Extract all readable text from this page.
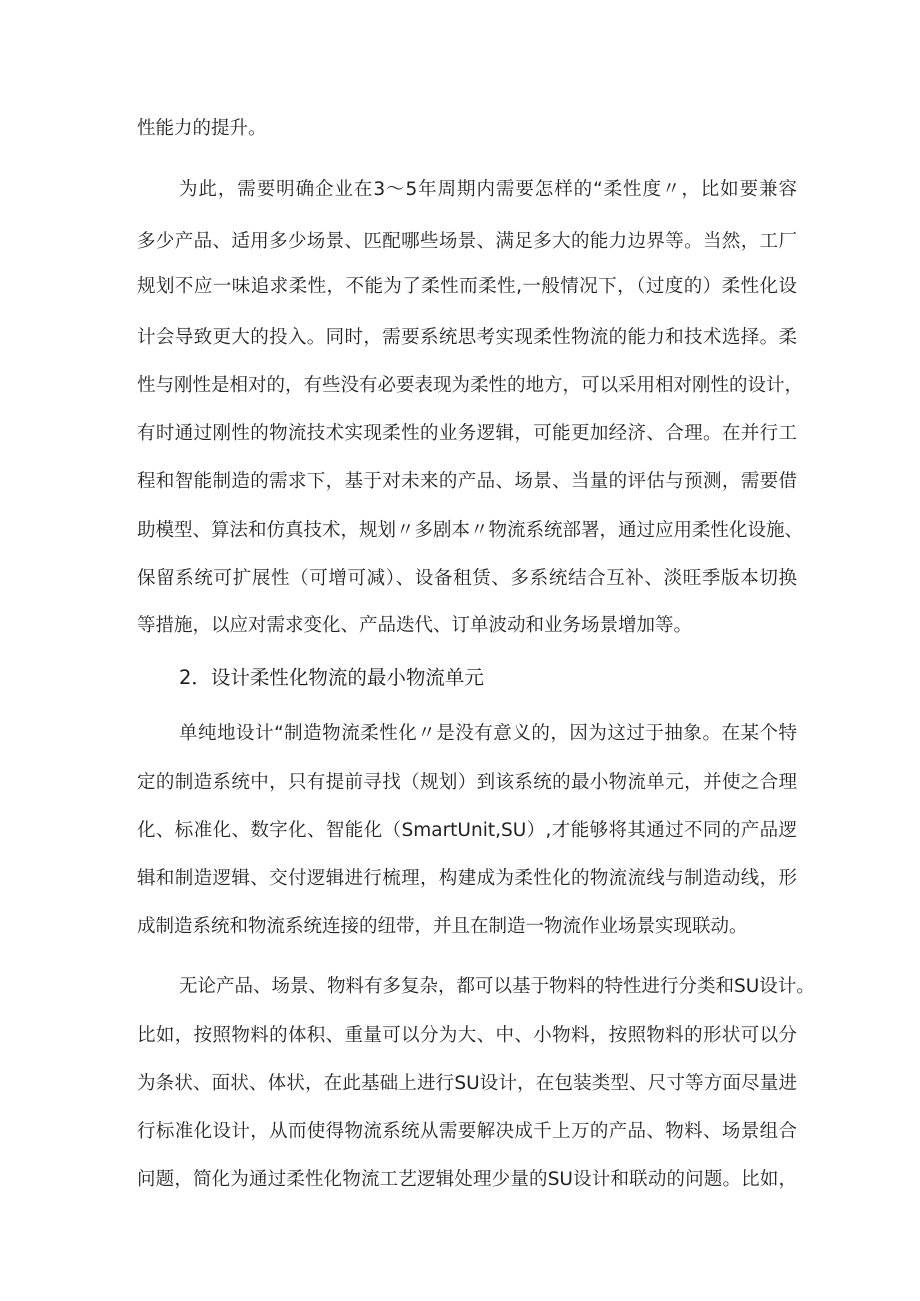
性能力的提升。
为此，需要明确企业在3〜5年周期内需要怎样的“柔性度〃，比如要兼容
多少产品、适用多少场景、匹配哪些场景、满足多大的能力边界等。当然，工厂
规划不应一味追求柔性，不能为了柔性而柔性,一般情况下，（过度的）柔性化设
计会导致更大的投入。同时，需要系统思考实现柔性物流的能力和技术选择。柔
性与刚性是相对的，有些没有必要表现为柔性的地方，可以采用相对刚性的设计，
有时通过刚性的物流技术实现柔性的业务逻辑，可能更加经济、合理。在并行工
程和智能制造的需求下，基于对未来的产品、场景、当量的评估与预测，需要借
助模型、算法和仿真技术，规划〃多剧本〃物流系统部署，通过应用柔性化设施、
保留系统可扩展性（可增可减）、设备租赁、多系统结合互补、淡旺季版本切换
等措施，以应对需求变化、产品迭代、订单波动和业务场景增加等。
2．设计柔性化物流的最小物流单元
单纯地设计“制造物流柔性化〃是没有意义的，因为这过于抽象。在某个特
定的制造系统中，只有提前寻找（规划）到该系统的最小物流单元，并使之合理
化、标准化、数字化、智能化（SmartUnit,SU）,才能够将其通过不同的产品逻
辑和制造逻辑、交付逻辑进行梳理，构建成为柔性化的物流流线与制造动线，形
成制造系统和物流系统连接的纽带，并且在制造一物流作业场景实现联动。
无论产品、场景、物料有多复杂，都可以基于物料的特性进行分类和SU设计。
比如，按照物料的体积、重量可以分为大、中、小物料，按照物料的形状可以分
为条状、面状、体状，在此基础上进行SU设计，在包装类型、尺寸等方面尽量进
行标准化设计，从而使得物流系统从需要解决成千上万的产品、物料、场景组合
问题，简化为通过柔性化物流工艺逻辑处理少量的SU设计和联动的问题。比如，
